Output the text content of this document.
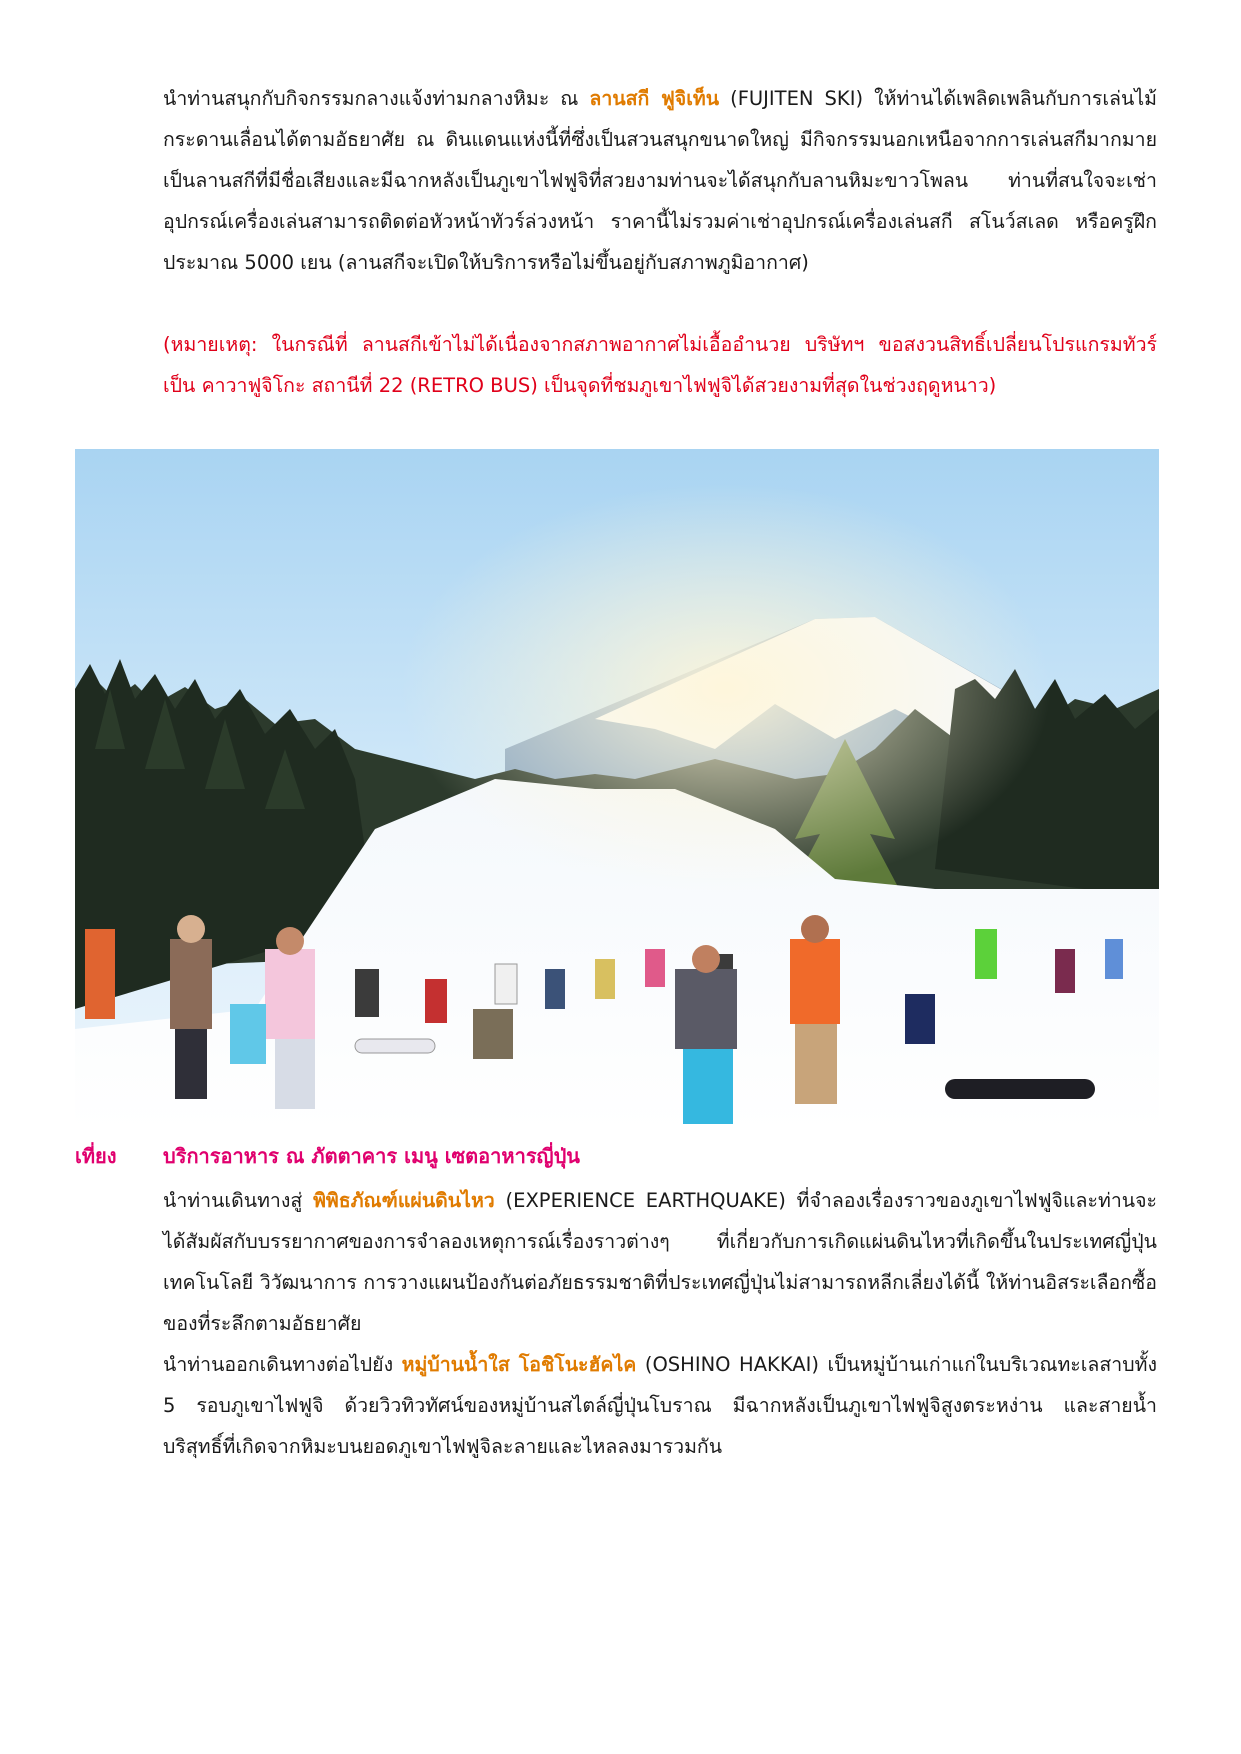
นำท่านสนุกกับกิจกรรมกลางแจ้งท่ามกลางหิมะ ณ ลานสกี ฟูจิเท็น (FUJITEN SKI) ให้ท่านได้เพลิดเพลินกับการเล่นไม้กระดานเลื่อนได้ตามอัธยาศัย ณ ดินแดนแห่งนี้ที่ซึ่งเป็นสวนสนุกขนาดใหญ่ มีกิจกรรมนอกเหนือจากการเล่นสกีมากมาย เป็นลานสกีที่มีชื่อเสียงและมีฉากหลังเป็นภูเขาไฟฟูจิที่สวยงามท่านจะได้สนุกกับลานหิมะขาวโพลน ท่านที่สนใจจะเช่าอุปกรณ์เครื่องเล่นสามารถติดต่อหัวหน้าทัวร์ล่วงหน้า ราคานี้ไม่รวมค่าเช่าอุปกรณ์เครื่องเล่นสกี สโนว์สเลด หรือครูฝึก ประมาณ 5000 เยน (ลานสกีจะเปิดให้บริการหรือไม่ขึ้นอยู่กับสภาพภูมิอากาศ)

(หมายเหตุ: ในกรณีที่ ลานสกีเข้าไม่ได้เนื่องจากสภาพอากาศไม่เอื้ออำนวย บริษัทฯ ขอสงวนสิทธิ์เปลี่ยนโปรแกรมทัวร์เป็น คาวาฟูจิโกะ สถานีที่ 22 (RETRO BUS) เป็นจุดที่ชมภูเขาไฟฟูจิได้สวยงามที่สุดในช่วงฤดูหนาว)

เที่ยง บริการอาหาร ณ ภัตตาคาร เมนู เซตอาหารญี่ปุ่น

นำท่านเดินทางสู่ พิพิธภัณฑ์แผ่นดินไหว (EXPERIENCE EARTHQUAKE) ที่จำลองเรื่องราวของภูเขาไฟฟูจิและท่านจะได้สัมผัสกับบรรยากาศของการจำลองเหตุการณ์เรื่องราวต่างๆ ที่เกี่ยวกับการเกิดแผ่นดินไหวที่เกิดขึ้นในประเทศญี่ปุ่น เทคโนโลยี วิวัฒนาการ การวางแผนป้องกันต่อภัยธรรมชาติที่ประเทศญี่ปุ่นไม่สามารถหลีกเลี่ยงได้นี้ ให้ท่านอิสระเลือกซื้อของที่ระลึกตามอัธยาศัย

นำท่านออกเดินทางต่อไปยัง หมู่บ้านน้ำใส โอชิโนะฮัคไค (OSHINO HAKKAI) เป็นหมู่บ้านเก่าแก่ในบริเวณทะเลสาบทั้ง 5 รอบภูเขาไฟฟูจิ ด้วยวิวทิวทัศน์ของหมู่บ้านสไตล์ญี่ปุ่นโบราณ มีฉากหลังเป็นภูเขาไฟฟูจิสูงตระหง่าน และสายน้ำบริสุทธิ์ที่เกิดจากหิมะบนยอดภูเขาไฟฟูจิละลายและไหลลงมารวมกัน
